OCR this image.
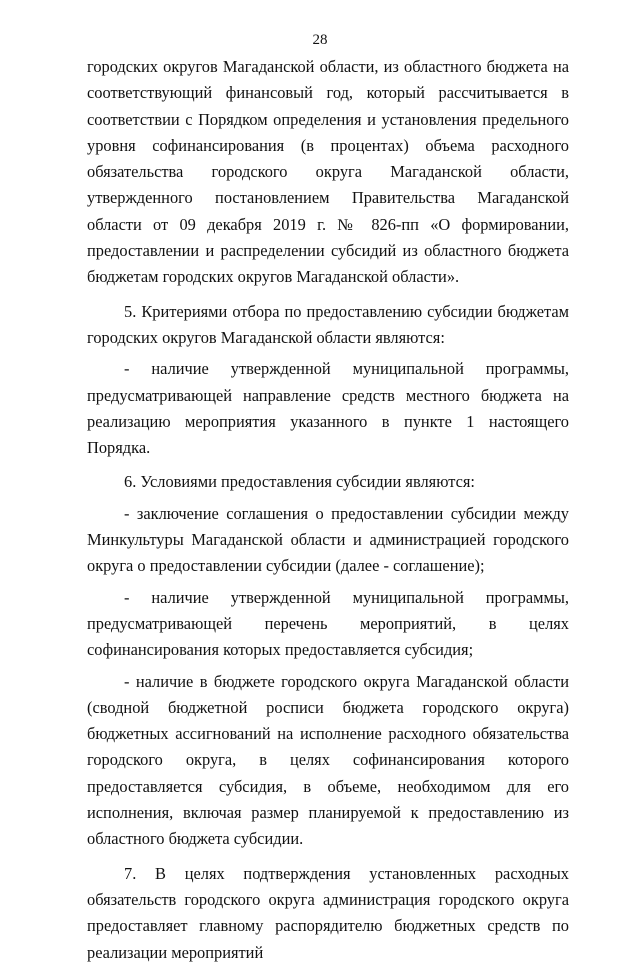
28

городских округов Магаданской области, из областного бюджета на соответствующий финансовый год, который рассчитывается в соответствии с Порядком определения и установления предельного уровня софинансирования (в процентах) объема расходного обязательства городского округа Магаданской области, утвержденного постановлением Правительства Магаданской области от 09 декабря 2019 г. № 826-пп «О формировании, предоставлении и распределении субсидий из областного бюджета бюджетам городских округов Магаданской области».

5. Критериями отбора по предоставлению субсидии бюджетам городских округов Магаданской области являются:

- наличие утвержденной муниципальной программы, предусматривающей направление средств местного бюджета на реализацию мероприятия указанного в пункте 1 настоящего Порядка.

6. Условиями предоставления субсидии являются:

- заключение соглашения о предоставлении субсидии между Минкультуры Магаданской области и администрацией городского округа о предоставлении субсидии (далее - соглашение);

- наличие утвержденной муниципальной программы, предусматривающей перечень мероприятий, в целях софинансирования которых предоставляется субсидия;

- наличие в бюджете городского округа Магаданской области (сводной бюджетной росписи бюджета городского округа) бюджетных ассигнований на исполнение расходного обязательства городского округа, в целях софинансирования которого предоставляется субсидия, в объеме, необходимом для его исполнения, включая размер планируемой к предоставлению из областного бюджета субсидии.

7. В целях подтверждения установленных расходных обязательств городского округа администрация городского округа предоставляет главному распорядителю бюджетных средств по реализации мероприятий
